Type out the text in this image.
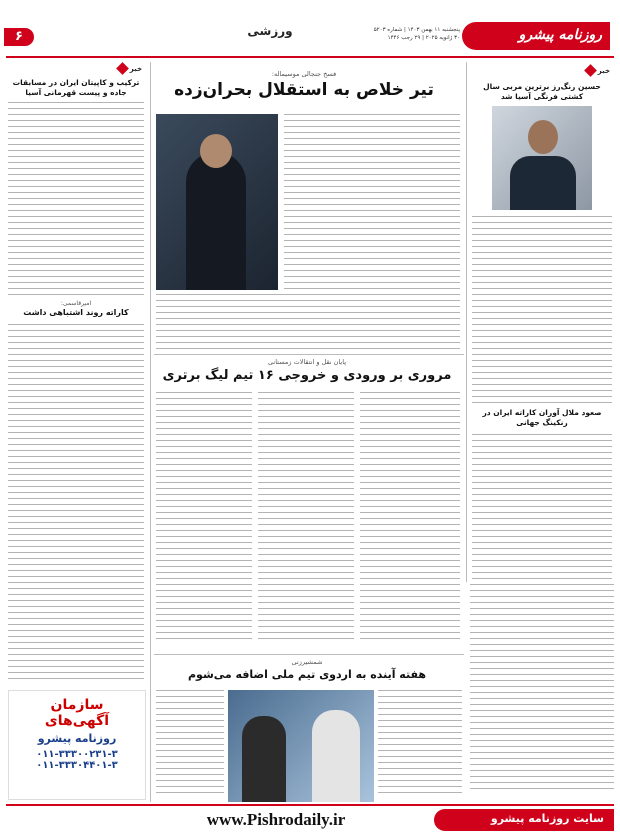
۶	ورزشی	روزنامه پیشرو
پنجشنبه ۱۱ بهمن ۱۴۰۳ | شماره ۵۲۰۳
۳۰ ژانویه ۲۰۲۵ | ۲۹ رجب ۱۴۴۶
خبر
ترکیب و کاپیتان ایران در مسابقات جاده و پیست قهرمانی آسیا
امیرقاسمی:
کاراته روند اشتباهی داشت
سازمان
آگهی‌های
روزنامه پیشرو
۰۱۱-۳۳۳۰۰۲۳۱-۳
۰۱۱-۳۳۳۰۴۴۰۱-۳
فسخ جنجالی موسیماله:
تیر خلاص به استقلال بحران‌زده
خبر
حسین رنگ‌رز برترین مربی سال کشتی فرنگی آسیا شد
صعود ملال آوران کاراته ایران در رنکینگ جهانی
پایان نقل و انتقالات زمستانی
مروری بر ورودی و خروجی ۱۶ تیم لیگ برتری
شمشیرزنی
هفته آینده به اردوی تیم ملی اضافه می‌شوم
سایت روزنامه پیشرو
www.Pishrodaily.ir
